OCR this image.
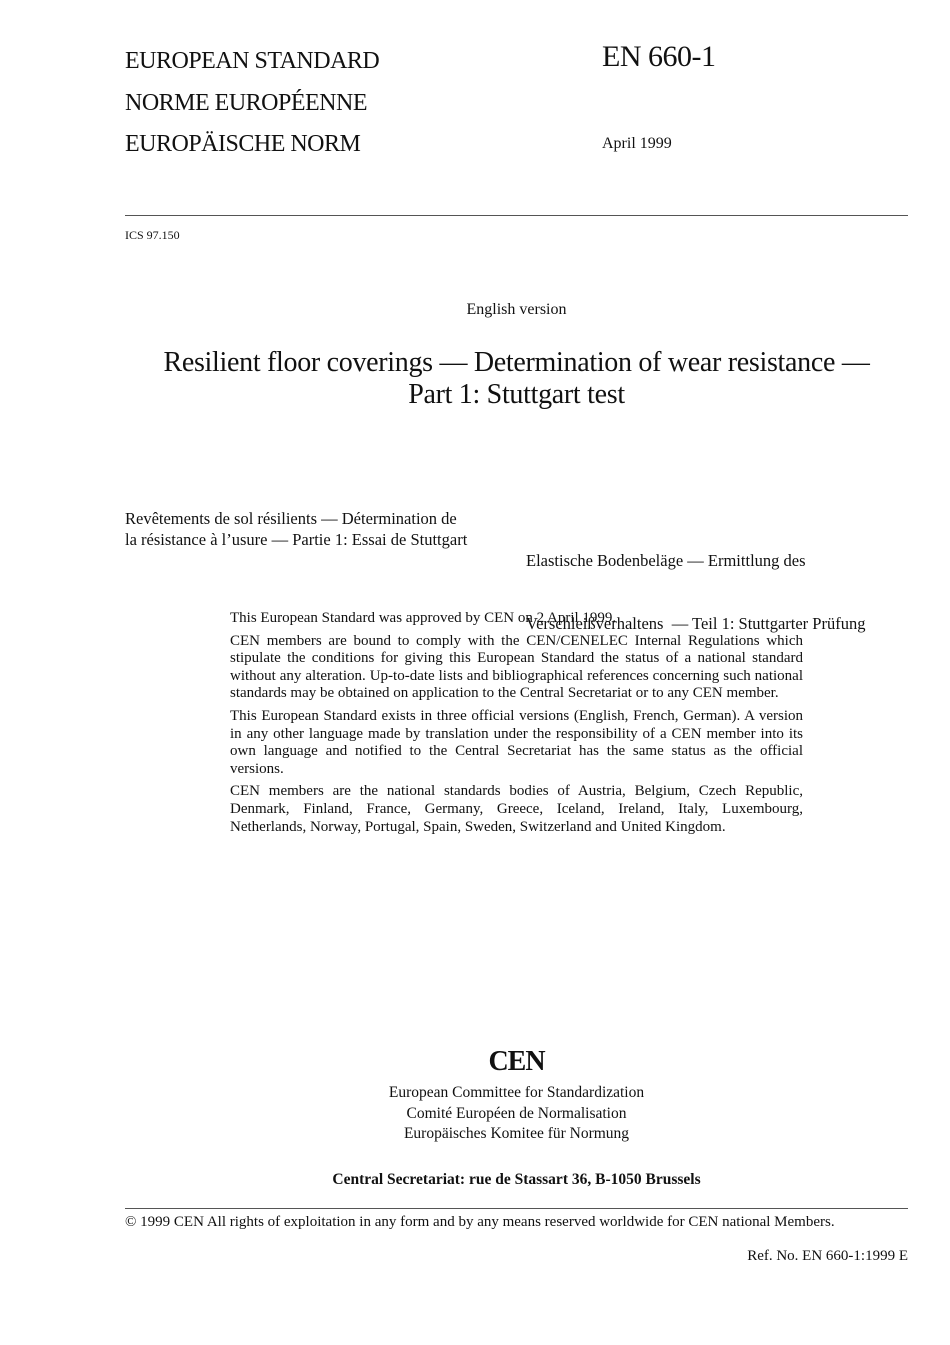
EUROPEAN STANDARD
NORME EUROPÉENNE
EUROPÄISCHE NORM
EN 660-1
April 1999
ICS 97.150
English version
Resilient floor coverings — Determination of wear resistance —
Part 1: Stuttgart test
Revêtements de sol résilients — Détermination de
la résistance à l’usure — Partie 1: Essai de Stuttgart

Elastische Bodenbeläge — Ermittlung des

Verschleißverhaltens  — Teil 1: Stuttgarter Prüfung

This European Standard was approved by CEN on 2 April 1999.

CEN members are bound to comply with the CEN/CENELEC Internal Regulations which stipulate the conditions for giving this European Standard the status of a national standard without any alteration. Up-to-date lists and bibliographical references concerning such national standards may be obtained on application to the Central Secretariat or to any CEN member.

This European Standard exists in three official versions (English, French, German). A version in any other language made by translation under the responsibility of a CEN member into its own language and notified to the Central Secretariat has the same status as the official versions.

CEN members are the national standards bodies of Austria, Belgium, Czech Republic, Denmark, Finland, France, Germany, Greece, Iceland, Ireland, Italy, Luxembourg, Netherlands, Norway, Portugal, Spain, Sweden, Switzerland and United Kingdom.

CEN
European Committee for Standardization
Comité Européen de Normalisation
Europäisches Komitee für Normung
Central Secretariat: rue de Stassart 36, B-1050 Brussels
© 1999 CEN All rights of exploitation in any form and by any means reserved worldwide for CEN national Members.
Ref. No. EN 660-1:1999 E
